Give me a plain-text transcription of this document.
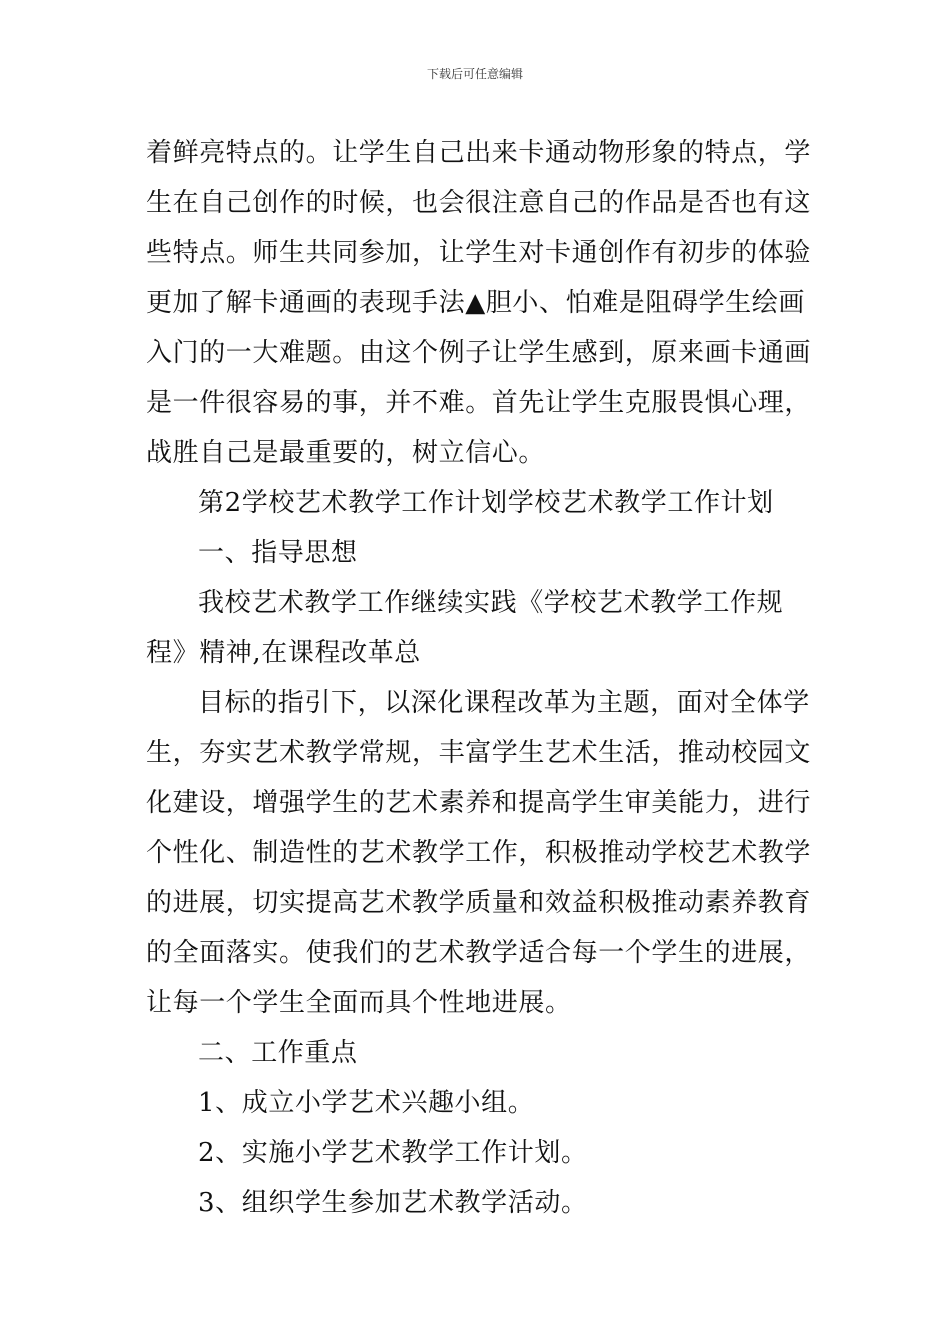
下载后可任意编辑
着鲜亮特点的。让学生自己出来卡通动物形象的特点，学
生在自己创作的时候，也会很注意自己的作品是否也有这
些特点。师生共同参加，让学生对卡通创作有初步的体验
更加了解卡通画的表现手法▲胆小、怕难是阻碍学生绘画
入门的一大难题。由这个例子让学生感到，原来画卡通画
是一件很容易的事，并不难。首先让学生克服畏惧心理，
战胜自己是最重要的，树立信心。
第2学校艺术教学工作计划学校艺术教学工作计划
一、指导思想
我校艺术教学工作继续实践《学校艺术教学工作规
程》精神,在课程改革总
目标的指引下，以深化课程改革为主题，面对全体学
生，夯实艺术教学常规，丰富学生艺术生活，推动校园文
化建设，增强学生的艺术素养和提高学生审美能力，进行
个性化、制造性的艺术教学工作，积极推动学校艺术教学
的进展，切实提高艺术教学质量和效益积极推动素养教育
的全面落实。使我们的艺术教学适合每一个学生的进展，
让每一个学生全面而具个性地进展。
二、工作重点
1、成立小学艺术兴趣小组。
2、实施小学艺术教学工作计划。
3、组织学生参加艺术教学活动。
